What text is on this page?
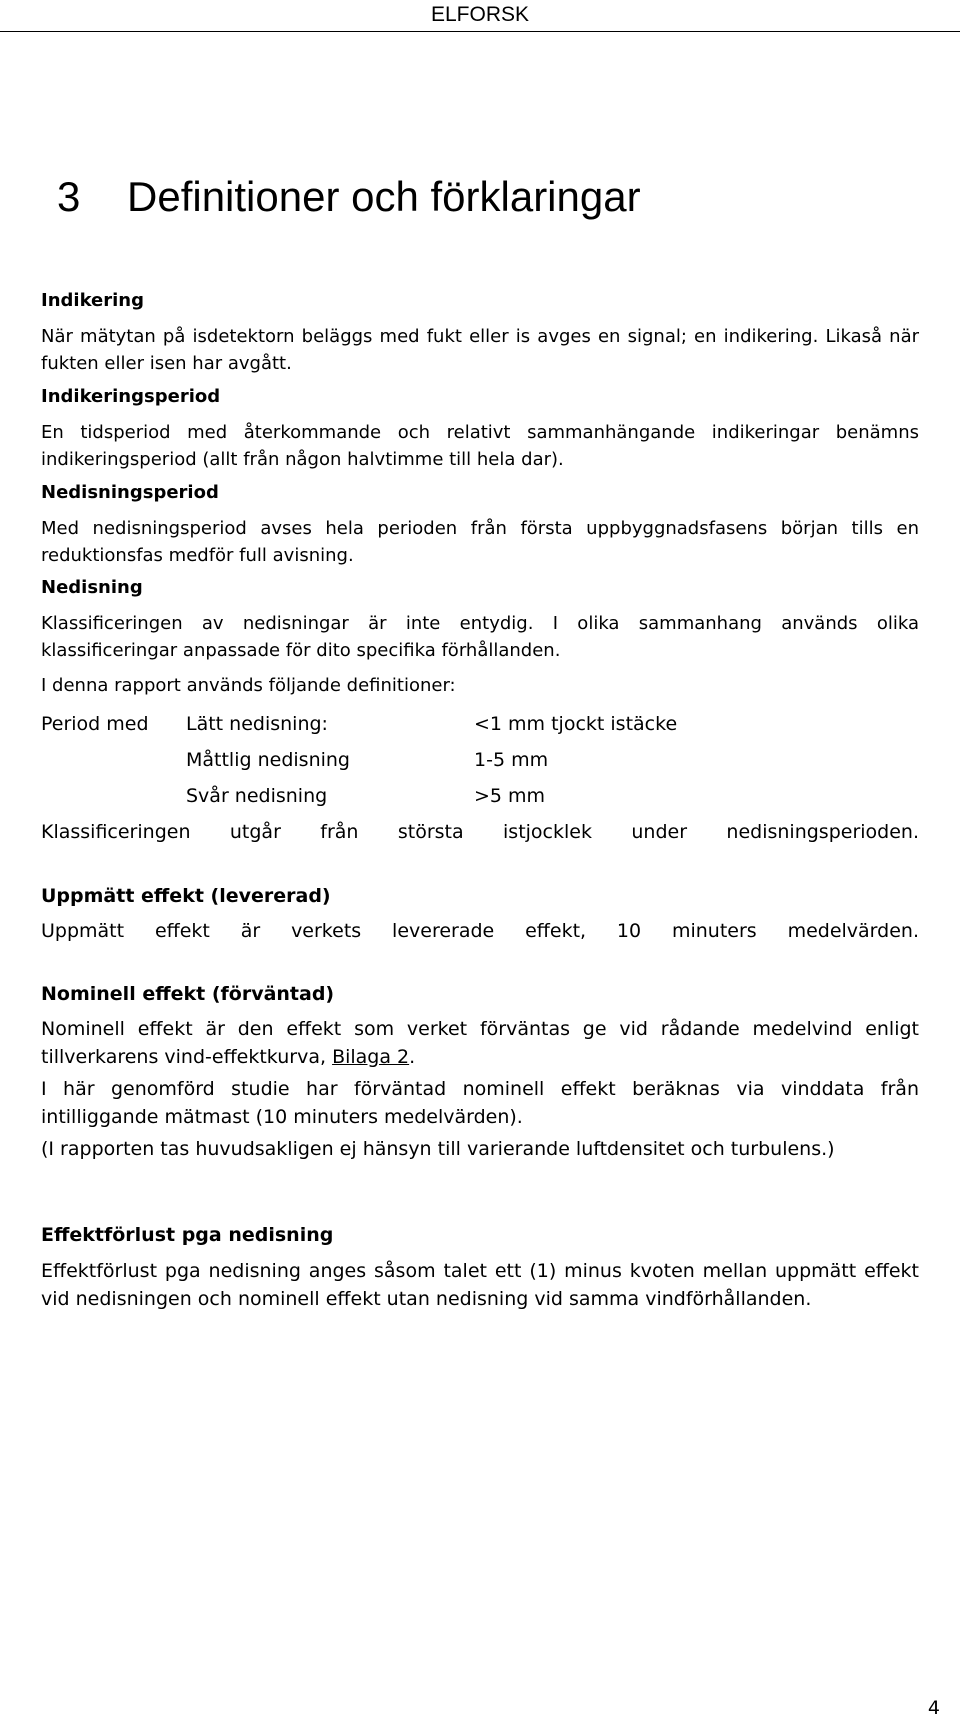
ELFORSK
3 Definitioner och förklaringar
Indikering
När mätytan på isdetektorn beläggs med fukt eller is avges en signal; en indikering. Likaså när fukten eller isen har avgått.
Indikeringsperiod
En tidsperiod med återkommande och relativt sammanhängande indikeringar benämns indikeringsperiod (allt från någon halvtimme till hela dar).
Nedisningsperiod
Med nedisningsperiod avses hela perioden från första uppbyggnadsfasens början tills en reduktionsfas medför full avisning.
Nedisning
Klassificeringen av nedisningar är inte entydig. I olika sammanhang används olika klassificeringar anpassade för dito specifika förhållanden.
I denna rapport används följande definitioner:
Period med Lätt nedisning:	<1 mm tjockt istäcke
Måttlig nedisning	1-5 mm
Svår nedisning	>5 mm
Klassificeringen utgår från största istjocklek under nedisningsperioden.
Uppmätt effekt (levererad)
Uppmätt effekt är verkets levererade effekt, 10 minuters medelvärden.
Nominell effekt (förväntad)
Nominell effekt är den effekt som verket förväntas ge vid rådande medelvind enligt tillverkarens vind-effektkurva, Bilaga 2.
I här genomförd studie har förväntad nominell effekt beräknas via vinddata från intilliggande mätmast (10 minuters medelvärden).
(I rapporten tas huvudsakligen ej hänsyn till varierande luftdensitet och turbulens.)
Effektförlust pga nedisning
Effektförlust pga nedisning anges såsom talet ett (1) minus kvoten mellan uppmätt effekt vid nedisningen och nominell effekt utan nedisning vid samma vindförhållanden.
4
